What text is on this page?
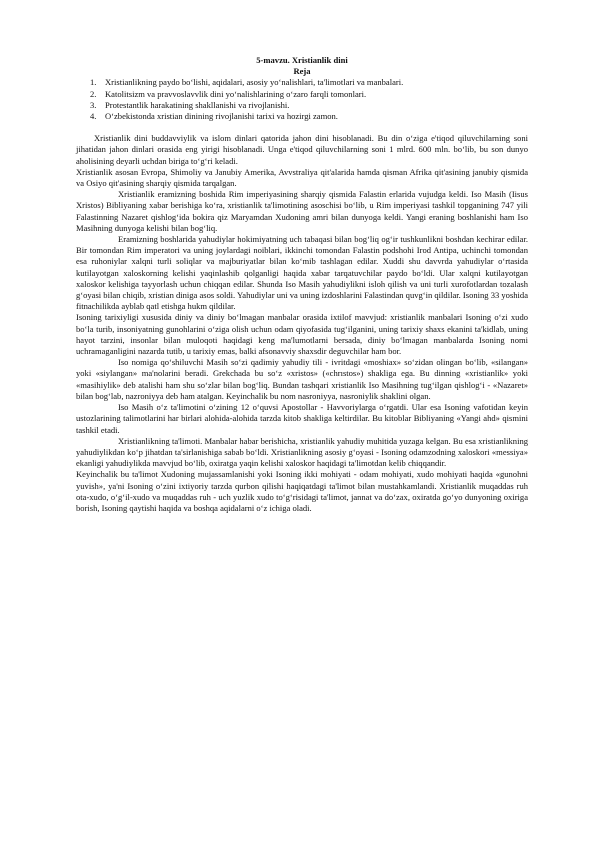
5-mavzu. Xristianlik dini
Reja
1. Xristianlikning paydo bo‘lishi, aqidalari, asosiy yo‘nalishlari, ta'limotlari va manbalari.
2. Katolitsizm va pravvoslavvlik dini yo‘nalishlarining o‘zaro farqli tomonlari.
3. Protestantlik harakatining shakllanishi va rivojlanishi.
4. O‘zbekistonda xristian dinining rivojlanishi tarixi va hozirgi zamon.

Xristianlik dini buddavviylik va islom dinlari qatorida jahon dini hisoblanadi. Bu din o‘ziga e'tiqod qiluvchilarning soni jihatidan jahon dinlari orasida eng yirigi hisoblanadi. Unga e'tiqod qiluvchilarning soni 1 mlrd. 600 mln. bo‘lib, bu son dunyo aholisining deyarli uchdan biriga to‘g‘ri keladi.

Xristianlik asosan Evropa, Shimoliy va Janubiy Amerika, Avvstraliya qit'alarida hamda qisman Afrika qit'asining janubiy qismida va Osiyo qit'asining sharqiy qismida tarqalgan.

Xristianlik eramizning boshida Rim imperiyasining sharqiy qismida Falastin erlarida vujudga keldi. Iso Masih (Iisus Xristos) Bibliyaning xabar berishiga ko‘ra, xristianlik ta'limotining asoschisi bo‘lib, u Rim imperiyasi tashkil topganining 747 yili Falastinning Nazaret qishlog‘ida bokira qiz Maryamdan Xudoning amri bilan dunyoga keldi. Yangi eraning boshlanishi ham Iso Masihning dunyoga kelishi bilan bog‘liq.

Eramizning boshlarida yahudiylar hokimiyatning uch tabaqasi bilan bog‘liq og‘ir tushkunlikni boshdan kechirar edilar. Bir tomondan Rim imperatori va uning joylardagi noiblari, ikkinchi tomondan Falastin podshohi Irod Antipa, uchinchi tomondan esa ruhoniylar xalqni turli soliqlar va majburiyatlar bilan ko‘mib tashlagan edilar. Xuddi shu davvrda yahudiylar o‘rtasida kutilayotgan xaloskorning kelishi yaqinlashib qolganligi haqida xabar tarqatuvchilar paydo bo‘ldi. Ular xalqni kutilayotgan xaloskor kelishiga tayyorlash uchun chiqqan edilar. Shunda Iso Masih yahudiylikni isloh qilish va uni turli xurofotlardan tozalash g‘oyasi bilan chiqib, xristian diniga asos soldi. Yahudiylar uni va uning izdoshlarini Falastindan quvg‘in qildilar. Isoning 33 yoshida fitnachilikda ayblab qatl etishga hukm qildilar.

Isoning tarixiyligi xususida diniy va diniy bo‘lmagan manbalar orasida ixtilof mavvjud: xristianlik manbalari Isoning o‘zi xudo bo‘la turib, insoniyatning gunohlarini o‘ziga olish uchun odam qiyofasida tug‘ilganini, uning tarixiy shaxs ekanini ta'kidlab, uning hayot tarzini, insonlar bilan muloqoti haqidagi keng ma'lumotlarni bersada, diniy bo‘lmagan manbalarda Isoning nomi uchramaganligini nazarda tutib, u tarixiy emas, balki afsonavviy shaxsdir deguvchilar ham bor.

Iso nomiga qo‘shiluvchi Masih so‘zi qadimiy yahudiy tili - ivritdagi «moshiax» so‘zidan olingan bo‘lib, «silangan» yoki «siylangan» ma'nolarini beradi. Grekchada bu so‘z «xristos» («chrıstos») shakliga ega. Bu dinning «xristianlik» yoki «masihiylik» deb atalishi ham shu so‘zlar bilan bog‘liq. Bundan tashqari xristianlik Iso Masihning tug‘ilgan qishlog‘i - «Nazaret» bilan bog‘lab, nazroniyya deb ham atalgan. Keyinchalik bu nom nasroniyya, nasroniylik shaklini olgan.

Iso Masih o‘z ta'limotini o‘zining 12 o‘quvsi Apostollar - Havvoriylarga o‘rgatdi. Ular esa Isoning vafotidan keyin ustozlarining talimotlarini har birlari alohida-alohida tarzda kitob shakliga keltirdilar. Bu kitoblar Bibliyaning «Yangi ahd» qismini tashkil etadi.

Xristianlikning ta'limoti. Manbalar habar berishicha, xristianlik yahudiy muhitida yuzaga kelgan. Bu esa xristianlikning yahudiylikdan ko‘p jihatdan ta'sirlanishiga sabab bo‘ldi. Xristianlikning asosiy g‘oyasi - Isoning odamzodning xaloskori «messiya» ekanligi yahudiylikda mavvjud bo‘lib, oxiratga yaqin kelishi xaloskor haqidagi ta'limotdan kelib chiqqandir.

Keyinchalik bu ta'limot Xudoning mujassamlanishi yoki Isoning ikki mohiyati - odam mohiyati, xudo mohiyati haqida «gunohni yuvish», ya'ni Isoning o‘zini ixtiyoriy tarzda qurbon qilishi haqiqatdagi ta'limot bilan mustahkamlandi. Xristianlik muqaddas ruh ota-xudo, o‘g‘il-xudo va muqaddas ruh - uch yuzlik xudo to‘g‘risidagi ta'limot, jannat va do‘zax, oxiratda go‘yo dunyoning oxiriga borish, Isoning qaytishi haqida va boshqa aqidalarni o‘z ichiga oladi.
